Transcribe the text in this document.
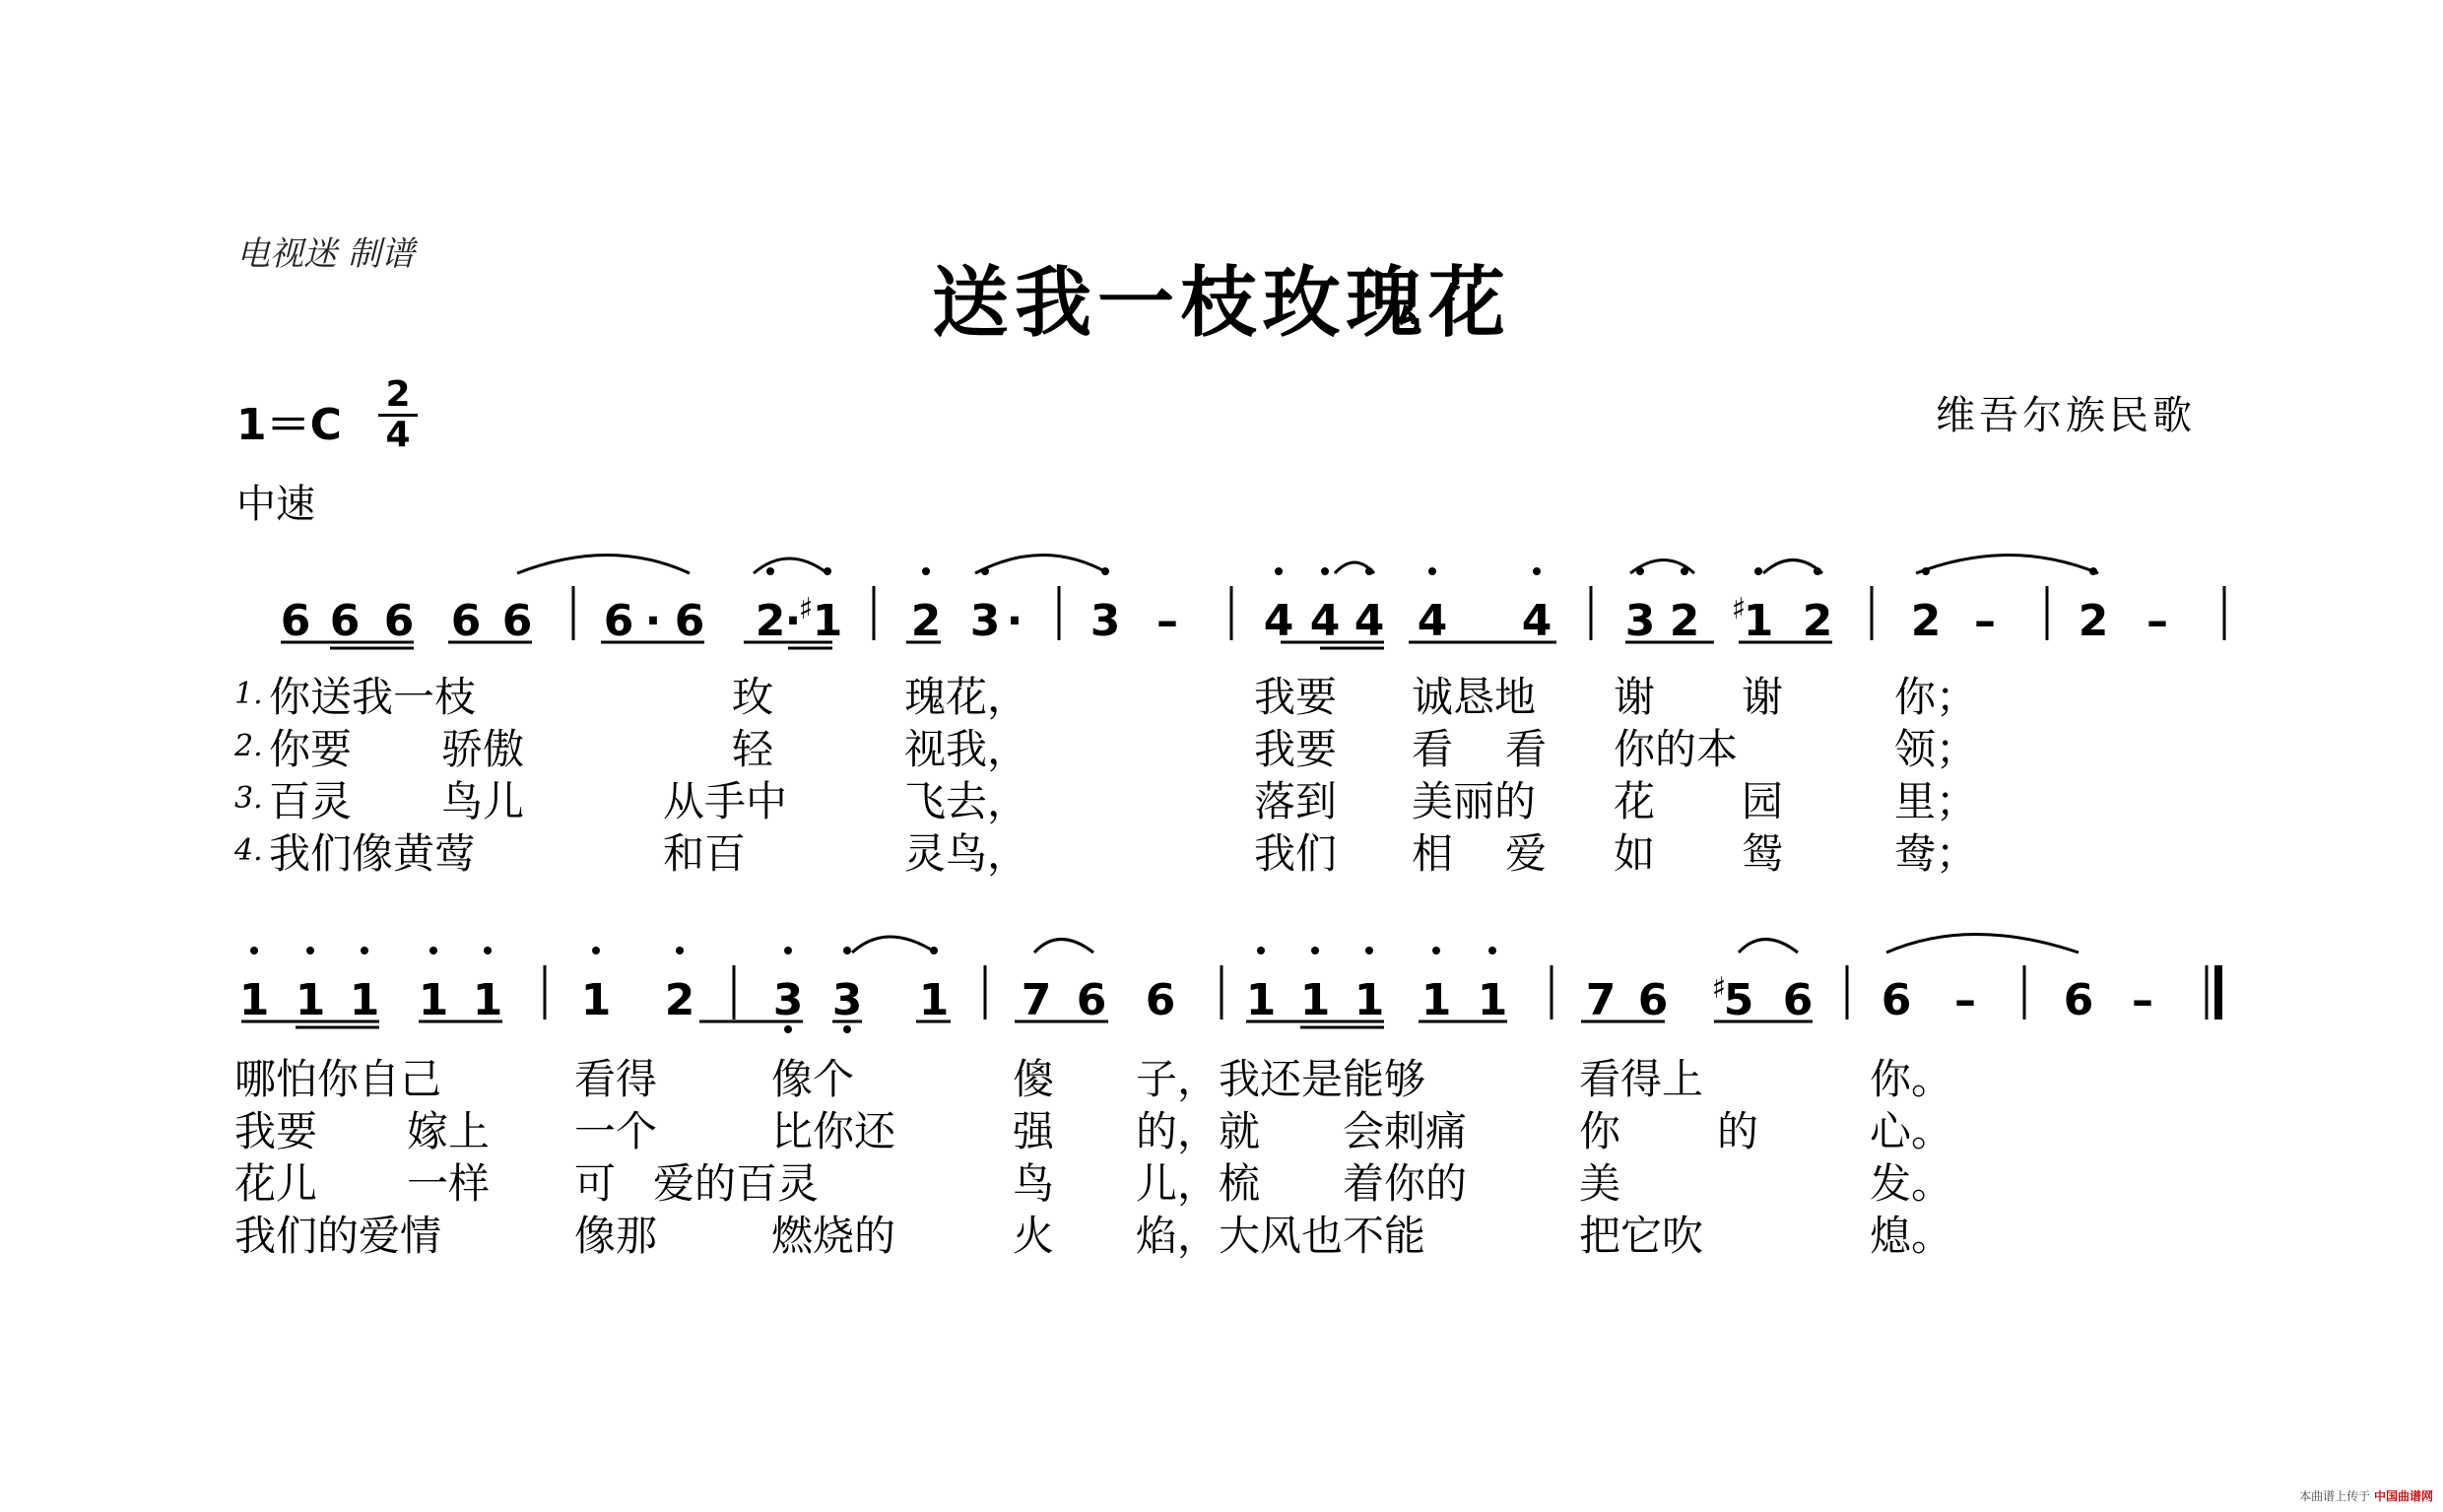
电视迷 制谱
送我一枝玫瑰花
维吾尔族民歌
1＝C
2
4
中速
6 6 6 6 6 6 · 6 2 ·
♯ 1 2 3 · 3 – 4 4 4 4 4 3 2 ♯
1 2 2 – 2 –
1. 你送我一枝	玫	瑰花，	我要 诚恳地 谢 谢	你；
2. 你要 骄傲	轻	视我，	我要 看 看 你的本	领；
3. 百灵 鸟儿	从手中	飞去，	落到 美丽的 花 园	里；
4. 我们像黄莺	和百	灵鸟，	我们 相 爱 如 鸳	鸯；
1 1 1 1 1 1 2 3 3 1 7 6 6 1 1 1 1 1 7 6 ♯
5 6 6 – 6 –
哪怕你自己	看得	像个	傻 子，我还是能够	看得上	你。
我要 嫁上 一个	比你还	强 的，就 会刺痛	你 的	心。
花儿 一样 可 爱的百灵	鸟 儿，梳 着你的	美	发。
我们的爱情	像那	燃烧的	火 焰，大风也不能	把它吹	熄。
本曲谱上传于 中国曲谱网
